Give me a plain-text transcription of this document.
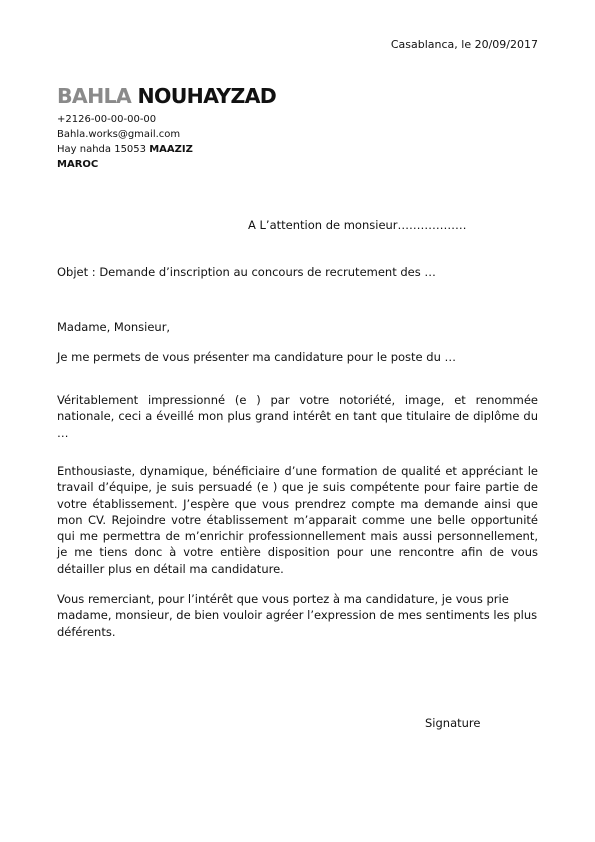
Casablanca, le 20/09/2017
BAHLA NOUHAYZAD
+2126-00-00-00-00
Bahla.works@gmail.com
Hay nahda 15053 MAAZIZ
MAROC
A L’attention de monsieur………………
Objet : Demande d’inscription au concours de recrutement des …
Madame, Monsieur,
Je me permets de vous présenter ma candidature pour le poste du …
Véritablement impressionné (e ) par votre notoriété, image, et renommée nationale, ceci a éveillé mon plus grand intérêt en tant que titulaire de diplôme du …
Enthousiaste, dynamique, bénéficiaire d’une formation de qualité et appréciant le travail d’équipe, je suis persuadé (e ) que je suis compétente pour faire partie de votre établissement. J’espère que vous prendrez compte ma demande ainsi que mon CV. Rejoindre votre établissement m’apparait comme une belle opportunité qui me permettra de m’enrichir professionnellement mais aussi personnellement, je me tiens donc à votre entière disposition pour une rencontre afin de vous détailler plus en détail ma candidature.
Vous remerciant, pour l’intérêt que vous portez à ma candidature, je vous prie madame, monsieur, de bien vouloir agréer l’expression de mes sentiments les plus déférents.
Signature
